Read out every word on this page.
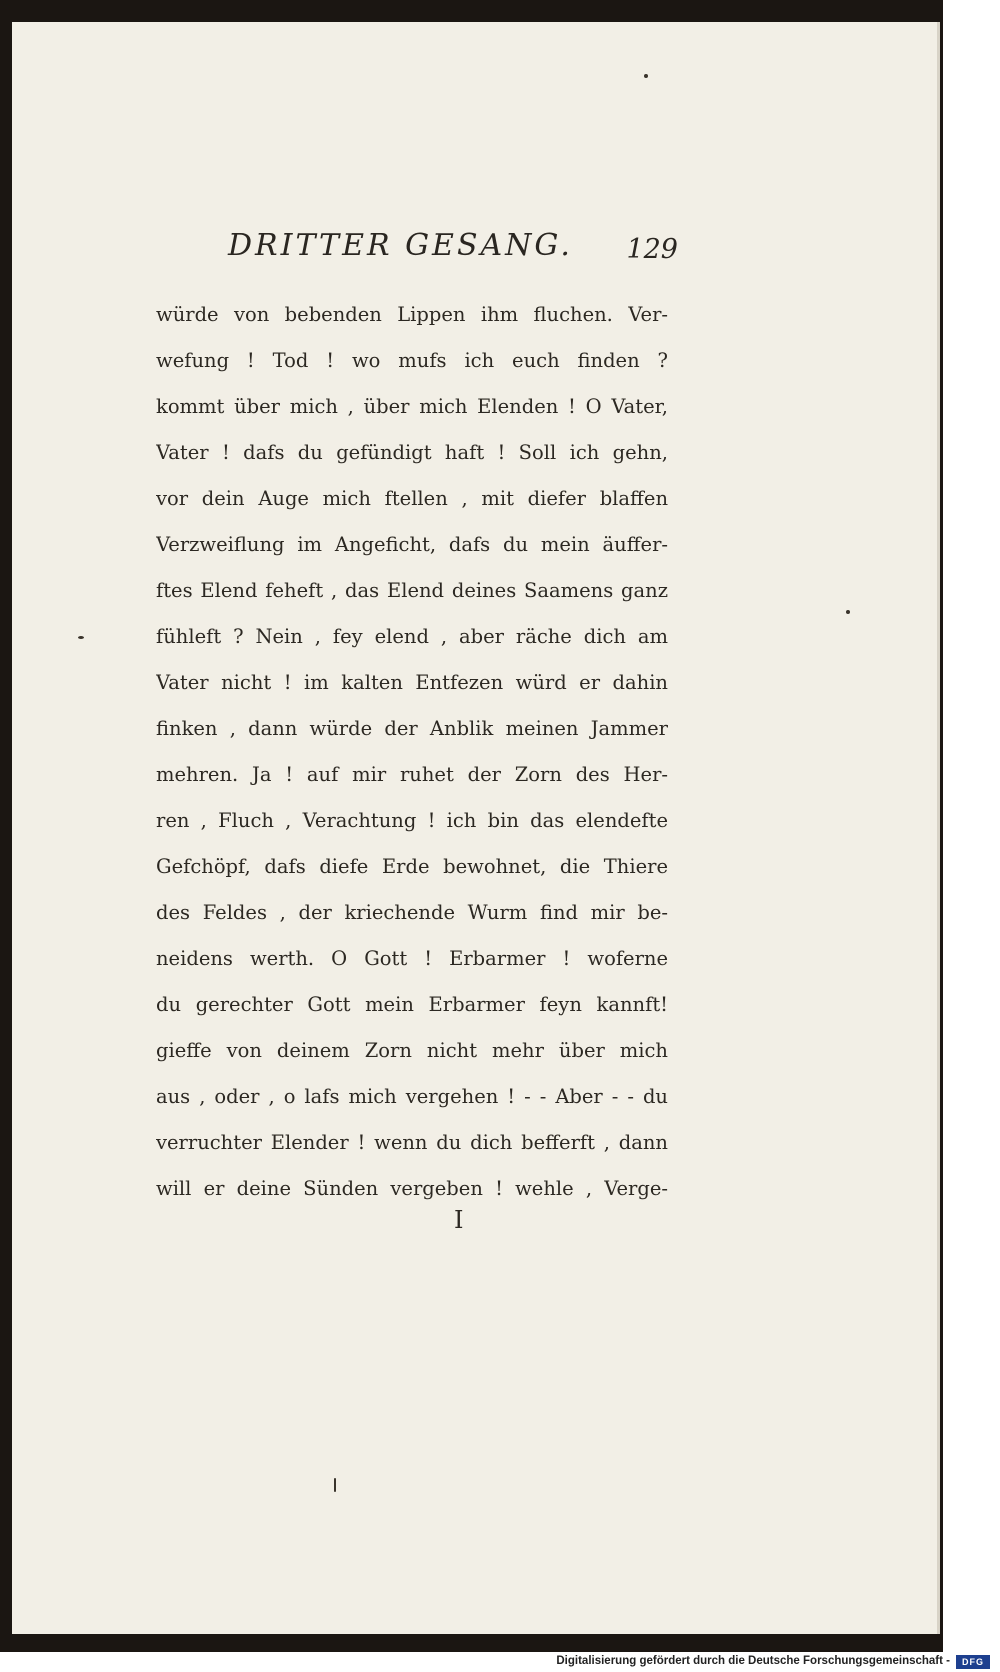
DRITTER GESANG. 129
würde von bebenden Lippen ihm fluchen. Ver-
wefung ! Tod ! wo mufs ich euch finden ?
kommt über mich , über mich Elenden ! O Vater,
Vater ! dafs du gefündigt haft ! Soll ich gehn,
vor dein Auge mich ftellen , mit diefer blaffen
Verzweiflung im Angeficht, dafs du mein äuffer-
ftes Elend feheft , das Elend deines Saamens ganz
fühleft ? Nein , fey elend , aber räche dich am
Vater nicht ! im kalten Entfezen würd er dahin
finken , dann würde der Anblik meinen Jammer
mehren. Ja ! auf mir ruhet der Zorn des Her-
ren , Fluch , Verachtung ! ich bin das elendefte
Gefchöpf, dafs diefe Erde bewohnet, die Thiere
des Feldes , der kriechende Wurm find mir be-
neidens werth. O Gott ! Erbarmer ! woferne
du gerechter Gott mein Erbarmer feyn kannft!
gieffe von deinem Zorn nicht mehr über mich
aus , oder , o lafs mich vergehen ! - - Aber - - du
verruchter Elender ! wenn du dich befferft , dann
will er deine Sünden vergeben ! wehle , Verge-
I
Digitalisierung gefördert durch die Deutsche Forschungsgemeinschaft -	DFG
